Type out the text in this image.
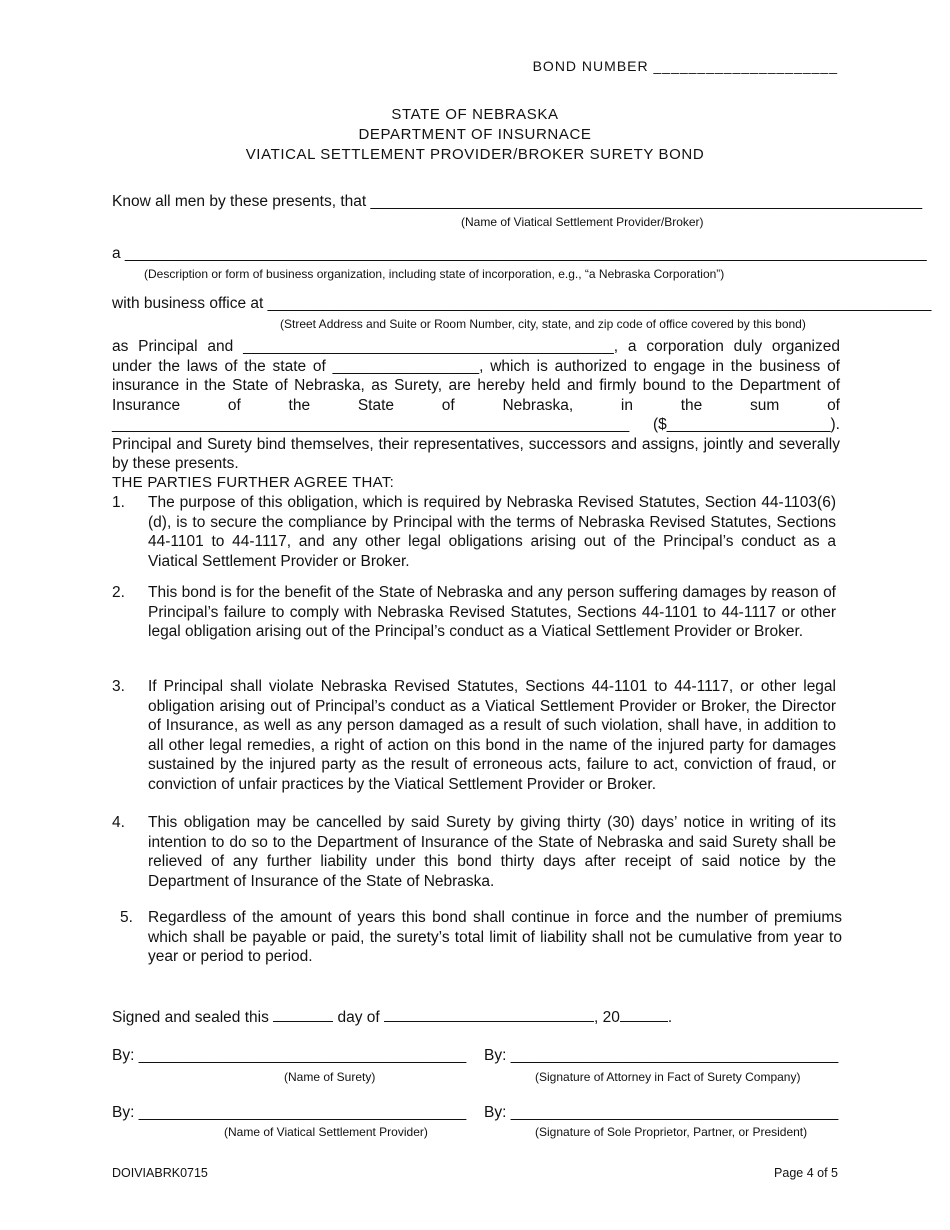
BOND NUMBER _____________________
STATE OF NEBRASKA
DEPARTMENT OF INSURNACE
VIATICAL SETTLEMENT PROVIDER/BROKER SURETY BOND
Know all men by these presents, that ________________________________________________________________
(Name of Viatical Settlement Provider/Broker)
a _____________________________________________________________________________________________
(Description or form of business organization, including state of incorporation, e.g., “a Nebraska Corporation”)
with business office at _____________________________________________________________________________
(Street Address and Suite or Room Number, city, state, and zip code of office covered by this bond)
as Principal and ___________________________________________, a corporation duly organized under the laws of the state of _________________, which is authorized to engage in the business of insurance in the State of Nebraska, as Surety, are hereby held and firmly bound to the Department of Insurance of the State of Nebraska, in the sum of ____________________________________________________________ ($___________________). Principal and Surety bind themselves, their representatives, successors and assigns, jointly and severally by these presents.
THE PARTIES FURTHER AGREE THAT:
1.	The purpose of this obligation, which is required by Nebraska Revised Statutes, Section 44-1103(6)(d), is to secure the compliance by Principal with the terms of Nebraska Revised Statutes, Sections 44-1101 to 44-1117, and any other legal obligations arising out of the Principal’s conduct as a Viatical Settlement Provider or Broker.
2.	This bond is for the benefit of the State of Nebraska and any person suffering damages by reason of Principal’s failure to comply with Nebraska Revised Statutes, Sections 44-1101 to 44-1117 or other legal obligation arising out of the Principal’s conduct as a Viatical Settlement Provider or Broker.
3.	If Principal shall violate Nebraska Revised Statutes, Sections 44-1101 to 44-1117, or other legal obligation arising out of Principal’s conduct as a Viatical Settlement Provider or Broker, the Director of Insurance, as well as any person damaged as a result of such violation, shall have, in addition to all other legal remedies, a right of action on this bond in the name of the injured party for damages sustained by the injured party as the result of erroneous acts, failure to act, conviction of fraud, or conviction of unfair practices by the Viatical Settlement Provider or Broker.
4.	This obligation may be cancelled by said Surety by giving thirty (30) days’ notice in writing of its intention to do so to the Department of Insurance of the State of Nebraska and said Surety shall be relieved of any further liability under this bond thirty days after receipt of said notice by the Department of Insurance of the State of Nebraska.
5. Regardless of the amount of years this bond shall continue in force and the number of premiums which shall be payable or paid, the surety’s total limit of liability shall not be cumulative from year to year or period to period.
Signed and sealed this	day of	, 20	.
By: ______________________________________ By: ______________________________________
(Name of Surety)	(Signature of Attorney in Fact of Surety Company)
By: ______________________________________ By: ______________________________________
(Name of Viatical Settlement Provider)	(Signature of Sole Proprietor, Partner, or President)
DOIVIABRK0715	Page 4 of 5
